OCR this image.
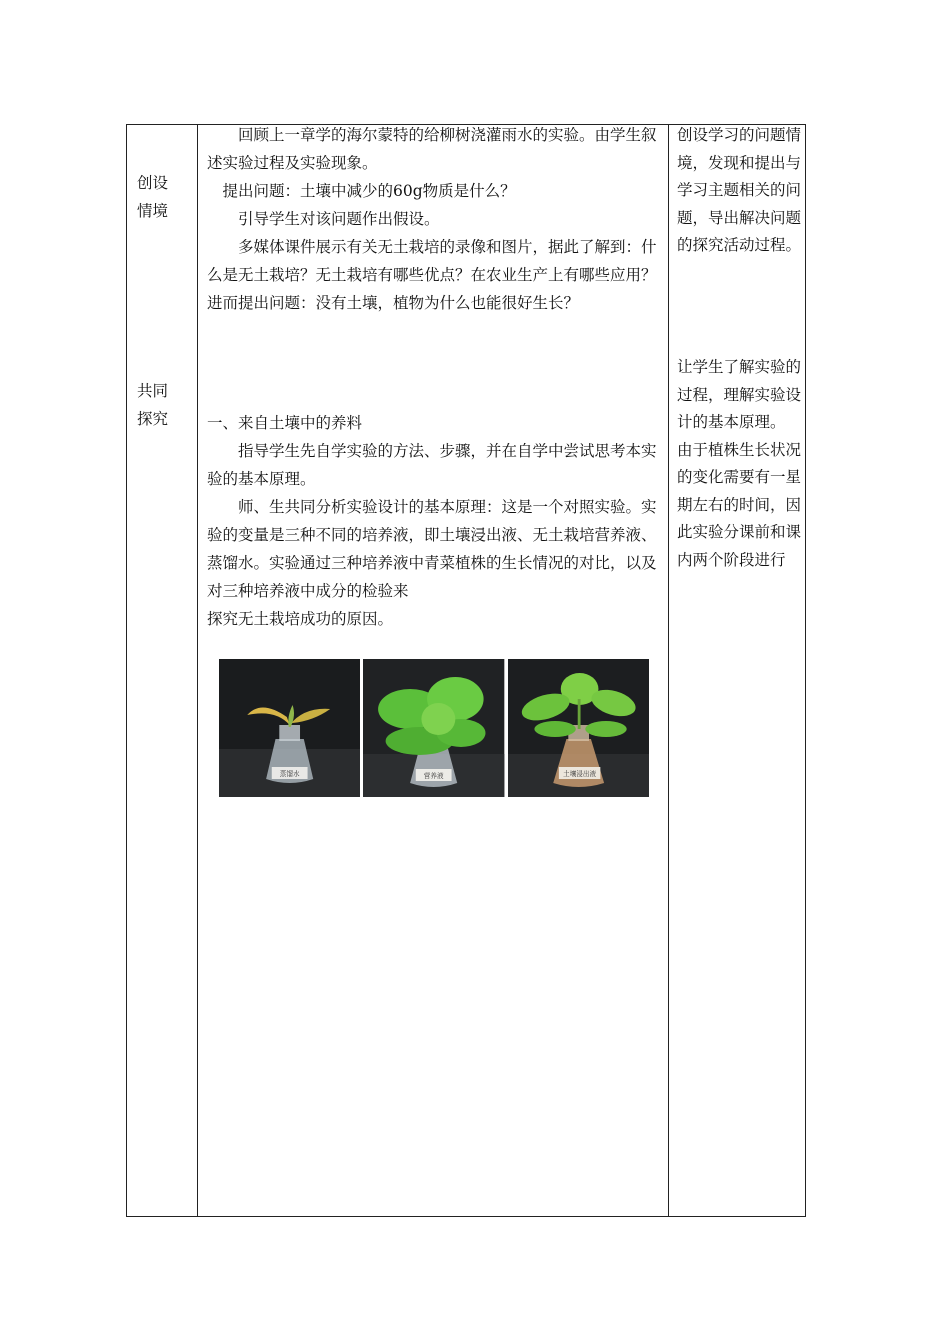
创设
情境
共同
探究

回顾上一章学的海尔蒙特的给柳树浇灌雨水的实验。由学生叙述实验过程及实验现象。

提出问题：土壤中减少的60g物质是什么？

引导学生对该问题作出假设。

多媒体课件展示有关无土栽培的录像和图片，据此了解到：什么是无土栽培？无土栽培有哪些优点？在农业生产上有哪些应用？进而提出问题：没有土壤，植物为什么也能很好生长？

一、来自土壤中的养料

指导学生先自学实验的方法、步骤，并在自学中尝试思考本实验的基本原理。

师、生共同分析实验设计的基本原理：这是一个对照实验。实验的变量是三种不同的培养液，即土壤浸出液、无土栽培营养液、蒸馏水。实验通过三种培养液中青菜植株的生长情况的对比，以及对三种培养液中成分的检验来

探究无土栽培成功的原因。

蒸馏水	营养液	土壤浸出液

创设学习的问题情境，发现和提出与学习主题相关的问题，导出解决问题的探究活动过程。

让学生了解实验的过程，理解实验设计的基本原理。

由于植株生长状况的变化需要有一星期左右的时间，因此实验分课前和课内两个阶段进行
